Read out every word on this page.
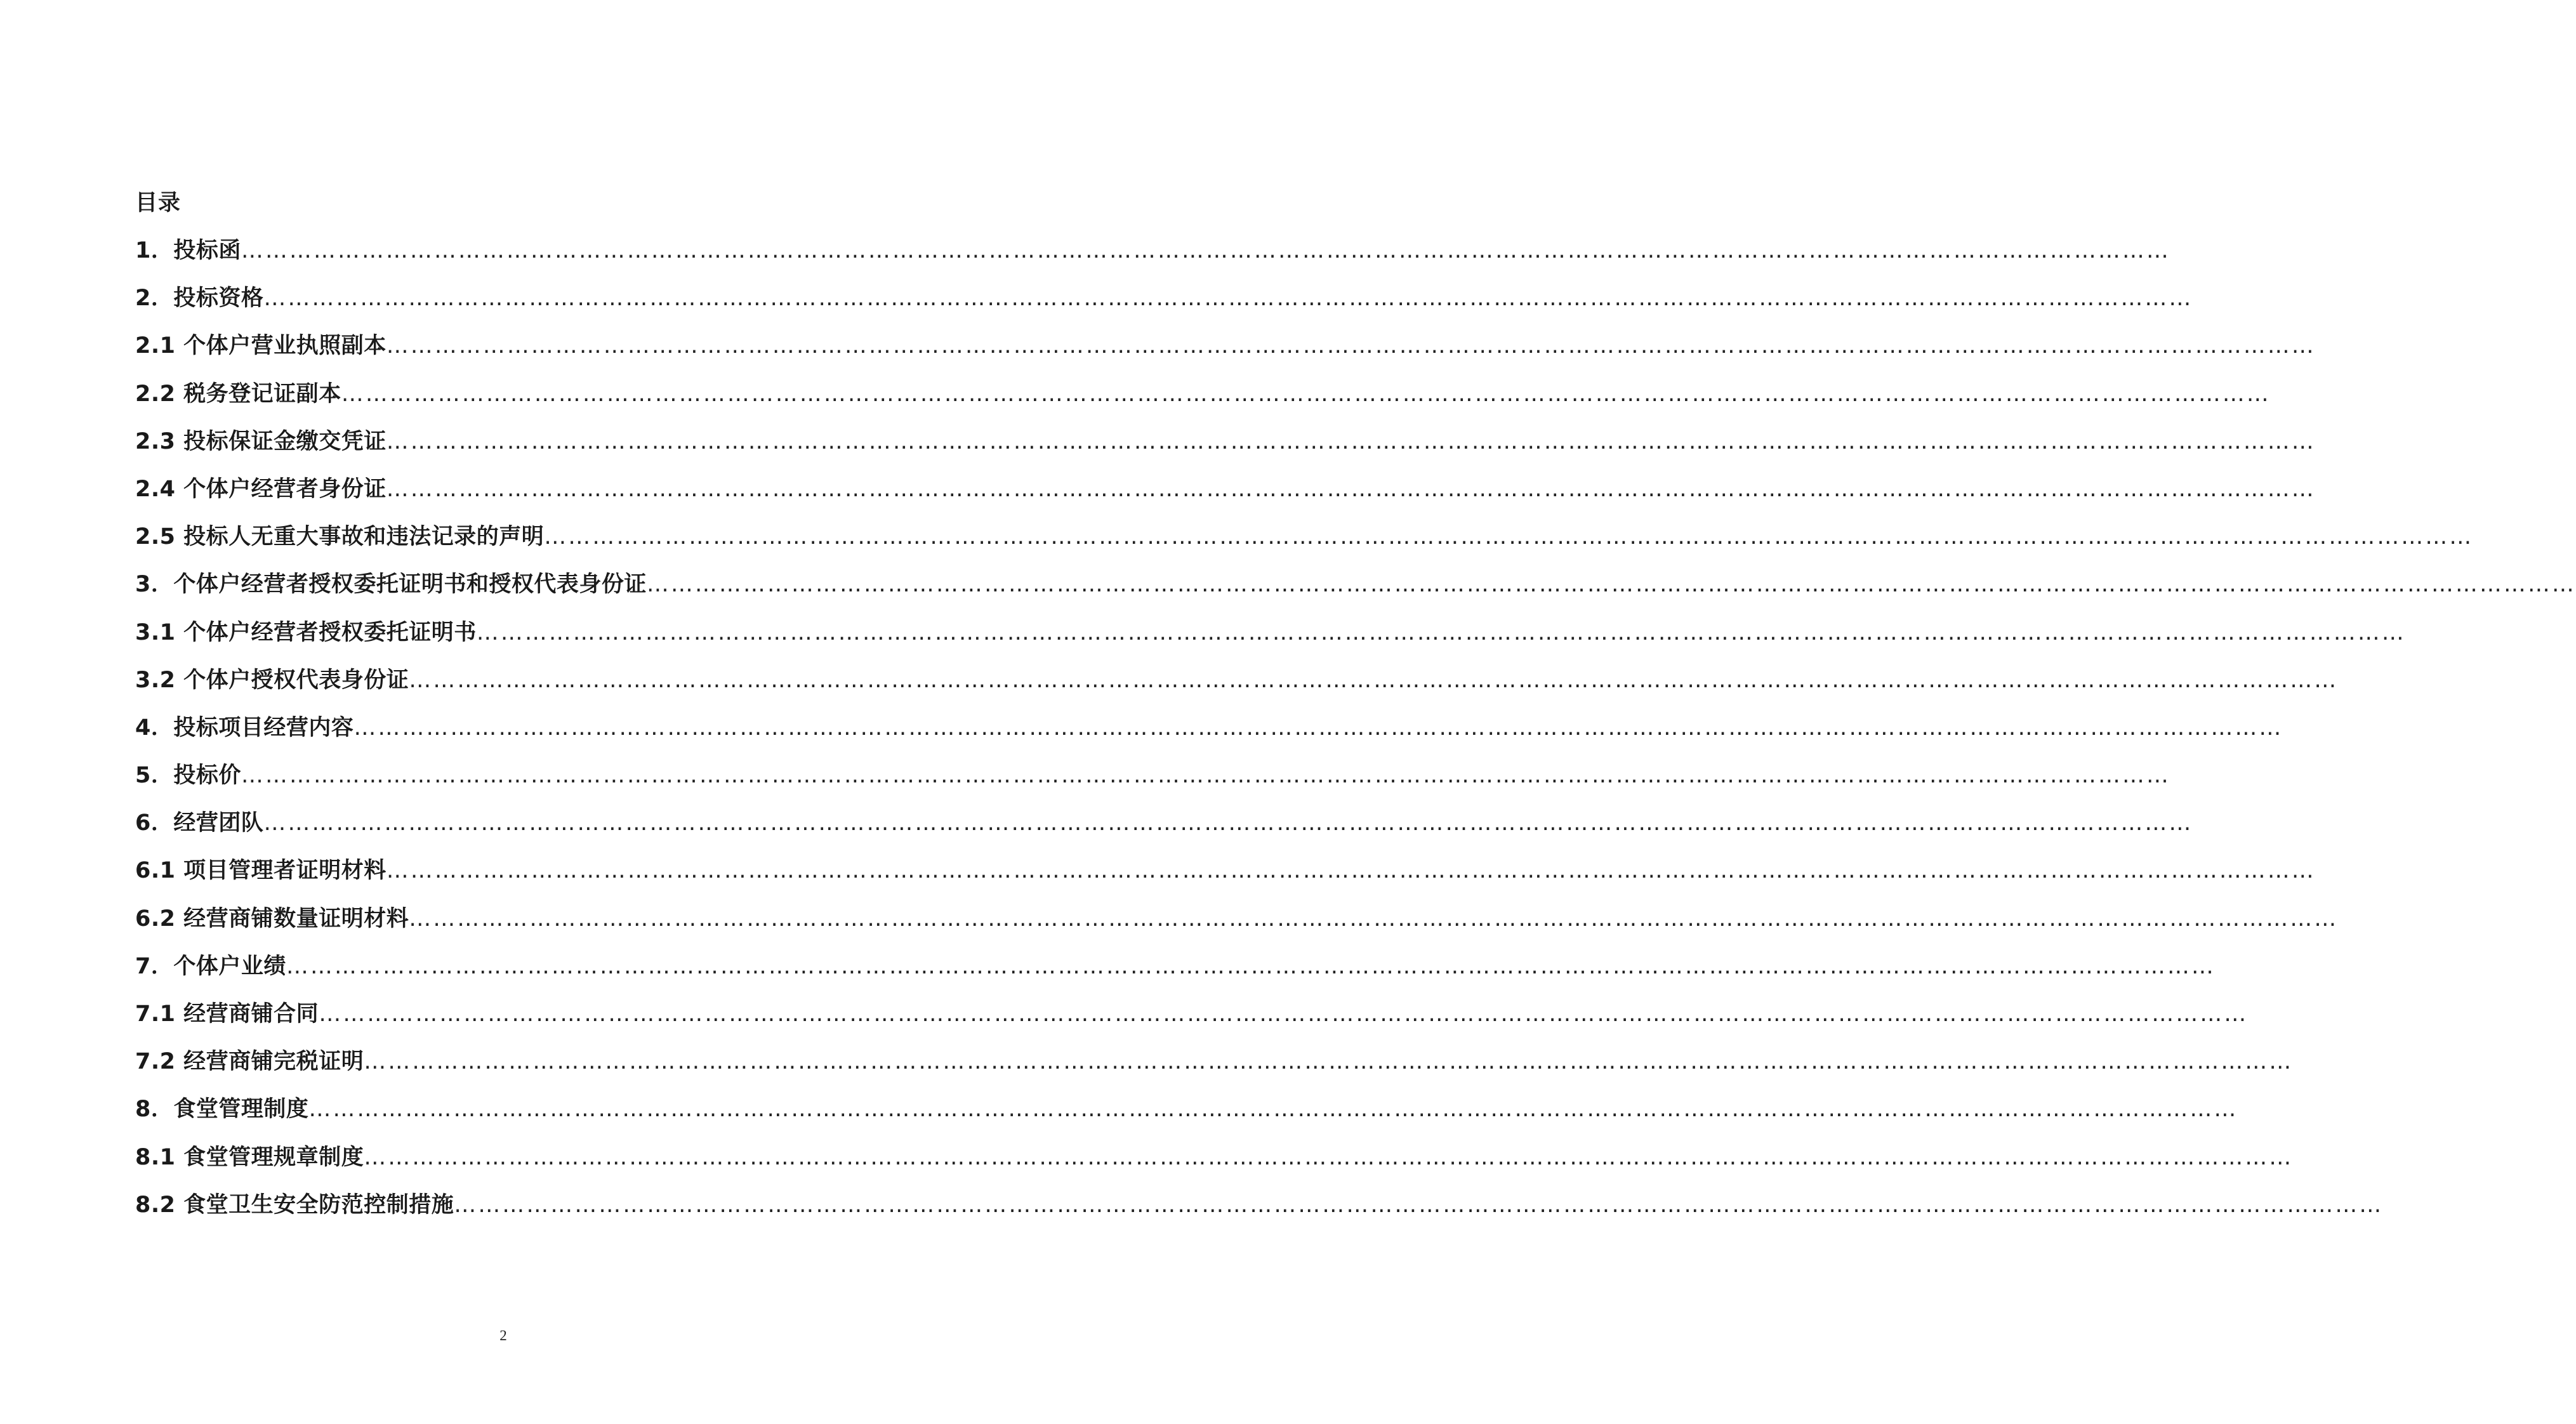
目录
1．投标函……………………………………………………………………………………………………………………………………………………………………………………………………………………
2．投标资格……………………………………………………………………………………………………………………………………………………………………………………………………………………
2.1 个体户营业执照副本……………………………………………………………………………………………………………………………………………………………………………………………………………………
2.2 税务登记证副本……………………………………………………………………………………………………………………………………………………………………………………………………………………
2.3 投标保证金缴交凭证……………………………………………………………………………………………………………………………………………………………………………………………………………………
2.4 个体户经营者身份证……………………………………………………………………………………………………………………………………………………………………………………………………………………
2.5 投标人无重大事故和违法记录的声明……………………………………………………………………………………………………………………………………………………………………………………………………………………
3．个体户经营者授权委托证明书和授权代表身份证……………………………………………………………………………………………………………………………………………………………………………………………………………………
3.1 个体户经营者授权委托证明书……………………………………………………………………………………………………………………………………………………………………………………………………………………
3.2 个体户授权代表身份证……………………………………………………………………………………………………………………………………………………………………………………………………………………
4．投标项目经营内容……………………………………………………………………………………………………………………………………………………………………………………………………………………
5．投标价……………………………………………………………………………………………………………………………………………………………………………………………………………………
6．经营团队……………………………………………………………………………………………………………………………………………………………………………………………………………………
6.1 项目管理者证明材料……………………………………………………………………………………………………………………………………………………………………………………………………………………
6.2 经营商铺数量证明材料……………………………………………………………………………………………………………………………………………………………………………………………………………………
7．个体户业绩……………………………………………………………………………………………………………………………………………………………………………………………………………………
7.1 经营商铺合同……………………………………………………………………………………………………………………………………………………………………………………………………………………
7.2 经营商铺完税证明……………………………………………………………………………………………………………………………………………………………………………………………………………………
8．食堂管理制度……………………………………………………………………………………………………………………………………………………………………………………………………………………
8.1 食堂管理规章制度……………………………………………………………………………………………………………………………………………………………………………………………………………………
8.2 食堂卫生安全防范控制措施……………………………………………………………………………………………………………………………………………………………………………………………………………………
2
